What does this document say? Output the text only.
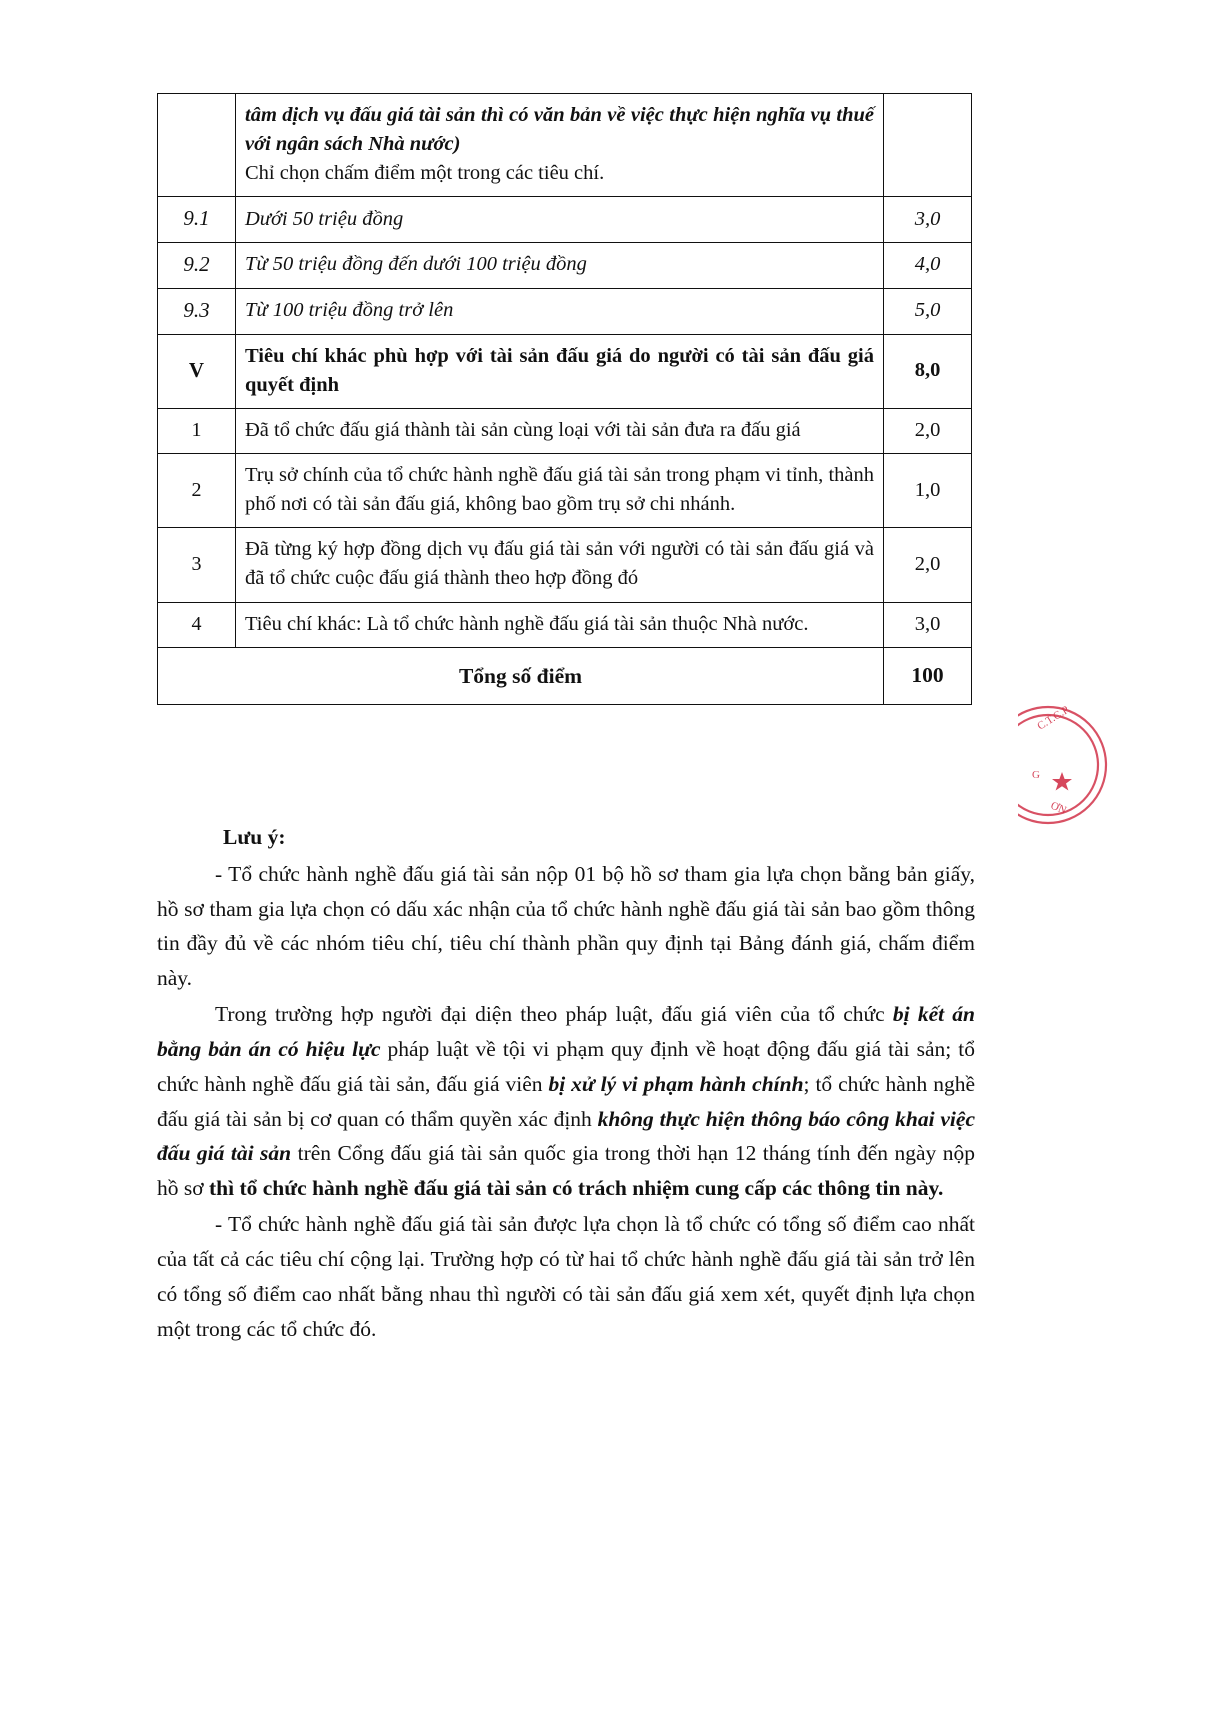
	tâm dịch vụ đấu giá tài sản thì có văn bản về việc thực hiện nghĩa vụ thuế với ngân sách Nhà nước)
Chỉ chọn chấm điểm một trong các tiêu chí.	

9.1	Dưới 50 triệu đồng	3,0
9.2	Từ 50 triệu đồng đến dưới 100 triệu đồng	4,0
9.3	Từ 100 triệu đồng trở lên	5,0
V	Tiêu chí khác phù hợp với tài sản đấu giá do người có tài sản đấu giá quyết định	8,0
1	Đã tổ chức đấu giá thành tài sản cùng loại với tài sản đưa ra đấu giá	2,0
2	Trụ sở chính của tổ chức hành nghề đấu giá tài sản trong phạm vi tỉnh, thành phố nơi có tài sản đấu giá, không bao gồm trụ sở chi nhánh.	1,0
3	Đã từng ký hợp đồng dịch vụ đấu giá tài sản với người có tài sản đấu giá và đã tổ chức cuộc đấu giá thành theo hợp đồng đó	2,0
4	Tiêu chí khác: Là tổ chức hành nghề đấu giá tài sản thuộc Nhà nước.	3,0
Tổng số điểm		100

Lưu ý:

- Tổ chức hành nghề đấu giá tài sản nộp 01 bộ hồ sơ tham gia lựa chọn bằng bản giấy, hồ sơ tham gia lựa chọn có dấu xác nhận của tổ chức hành nghề đấu giá tài sản bao gồm thông tin đầy đủ về các nhóm tiêu chí, tiêu chí thành phần quy định tại Bảng đánh giá, chấm điểm này.

Trong trường hợp người đại diện theo pháp luật, đấu giá viên của tổ chức bị kết án bằng bản án có hiệu lực pháp luật về tội vi phạm quy định về hoạt động đấu giá tài sản; tổ chức hành nghề đấu giá tài sản, đấu giá viên bị xử lý vi phạm hành chính; tổ chức hành nghề đấu giá tài sản bị cơ quan có thẩm quyền xác định không thực hiện thông báo công khai việc đấu giá tài sản trên Cổng đấu giá tài sản quốc gia trong thời hạn 12 tháng tính đến ngày nộp hồ sơ thì tổ chức hành nghề đấu giá tài sản có trách nhiệm cung cấp các thông tin này.

- Tổ chức hành nghề đấu giá tài sản được lựa chọn là tổ chức có tổng số điểm cao nhất của tất cả các tiêu chí cộng lại. Trường hợp có từ hai tổ chức hành nghề đấu giá tài sản trở lên có tổng số điểm cao nhất bằng nhau thì người có tài sản đấu giá xem xét, quyết định lựa chọn một trong các tổ chức đó.

C.T.C.P
G
ƠN
